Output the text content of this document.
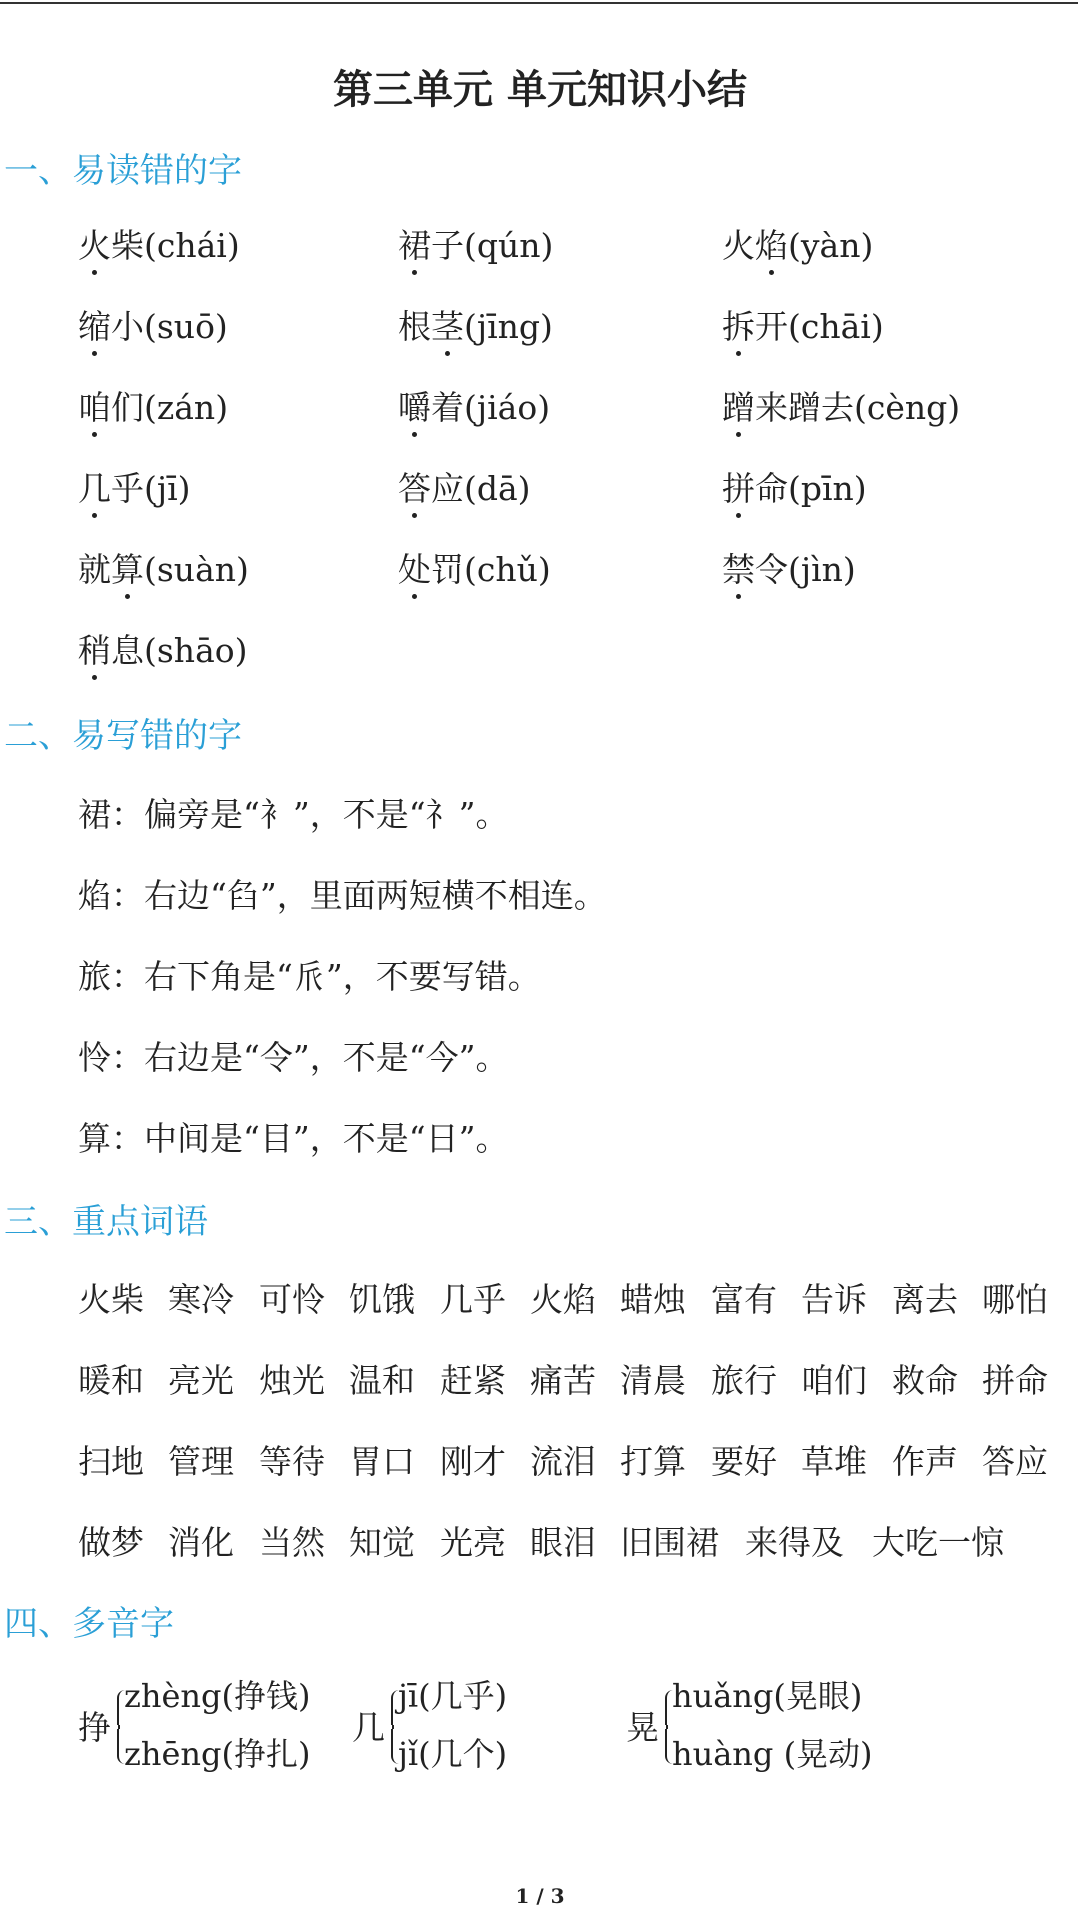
第三单元 单元知识小结
一、易读错的字
火柴(chái)	裙子(qún)	火焰(yàn)
缩小(suō)	根茎(jīng)	拆开(chāi)
咱们(zán)	嚼着(jiáo)	蹭来蹭去(cèng)
几乎(jī)	答应(dā)	拼命(pīn)
就算(suàn)	处罚(chǔ)	禁令(jìn)
稍息(shāo)
二、易写错的字
裙：偏旁是“衤”，不是“礻”。
焰：右边“臽”，里面两短横不相连。
旅：右下角是“𠂢”，不要写错。
怜：右边是“令”，不是“今”。
算：中间是“目”，不是“日”。
三、重点词语
火柴 寒冷 可怜 饥饿 几乎 火焰 蜡烛 富有 告诉 离去 哪怕
暖和 亮光 烛光 温和 赶紧 痛苦 清晨 旅行 咱们 救命 拼命
扫地 管理 等待 胃口 刚才 流泪 打算 要好 草堆 作声 答应
做梦 消化 当然 知觉 光亮 眼泪 旧围裙 来得及 大吃一惊
四、多音字
挣
zhèng(挣钱)
zhēng(挣扎)
几
jī(几乎)
jǐ(几个)
晃
huǎng(晃眼)
huàng (晃动)
1 / 3
